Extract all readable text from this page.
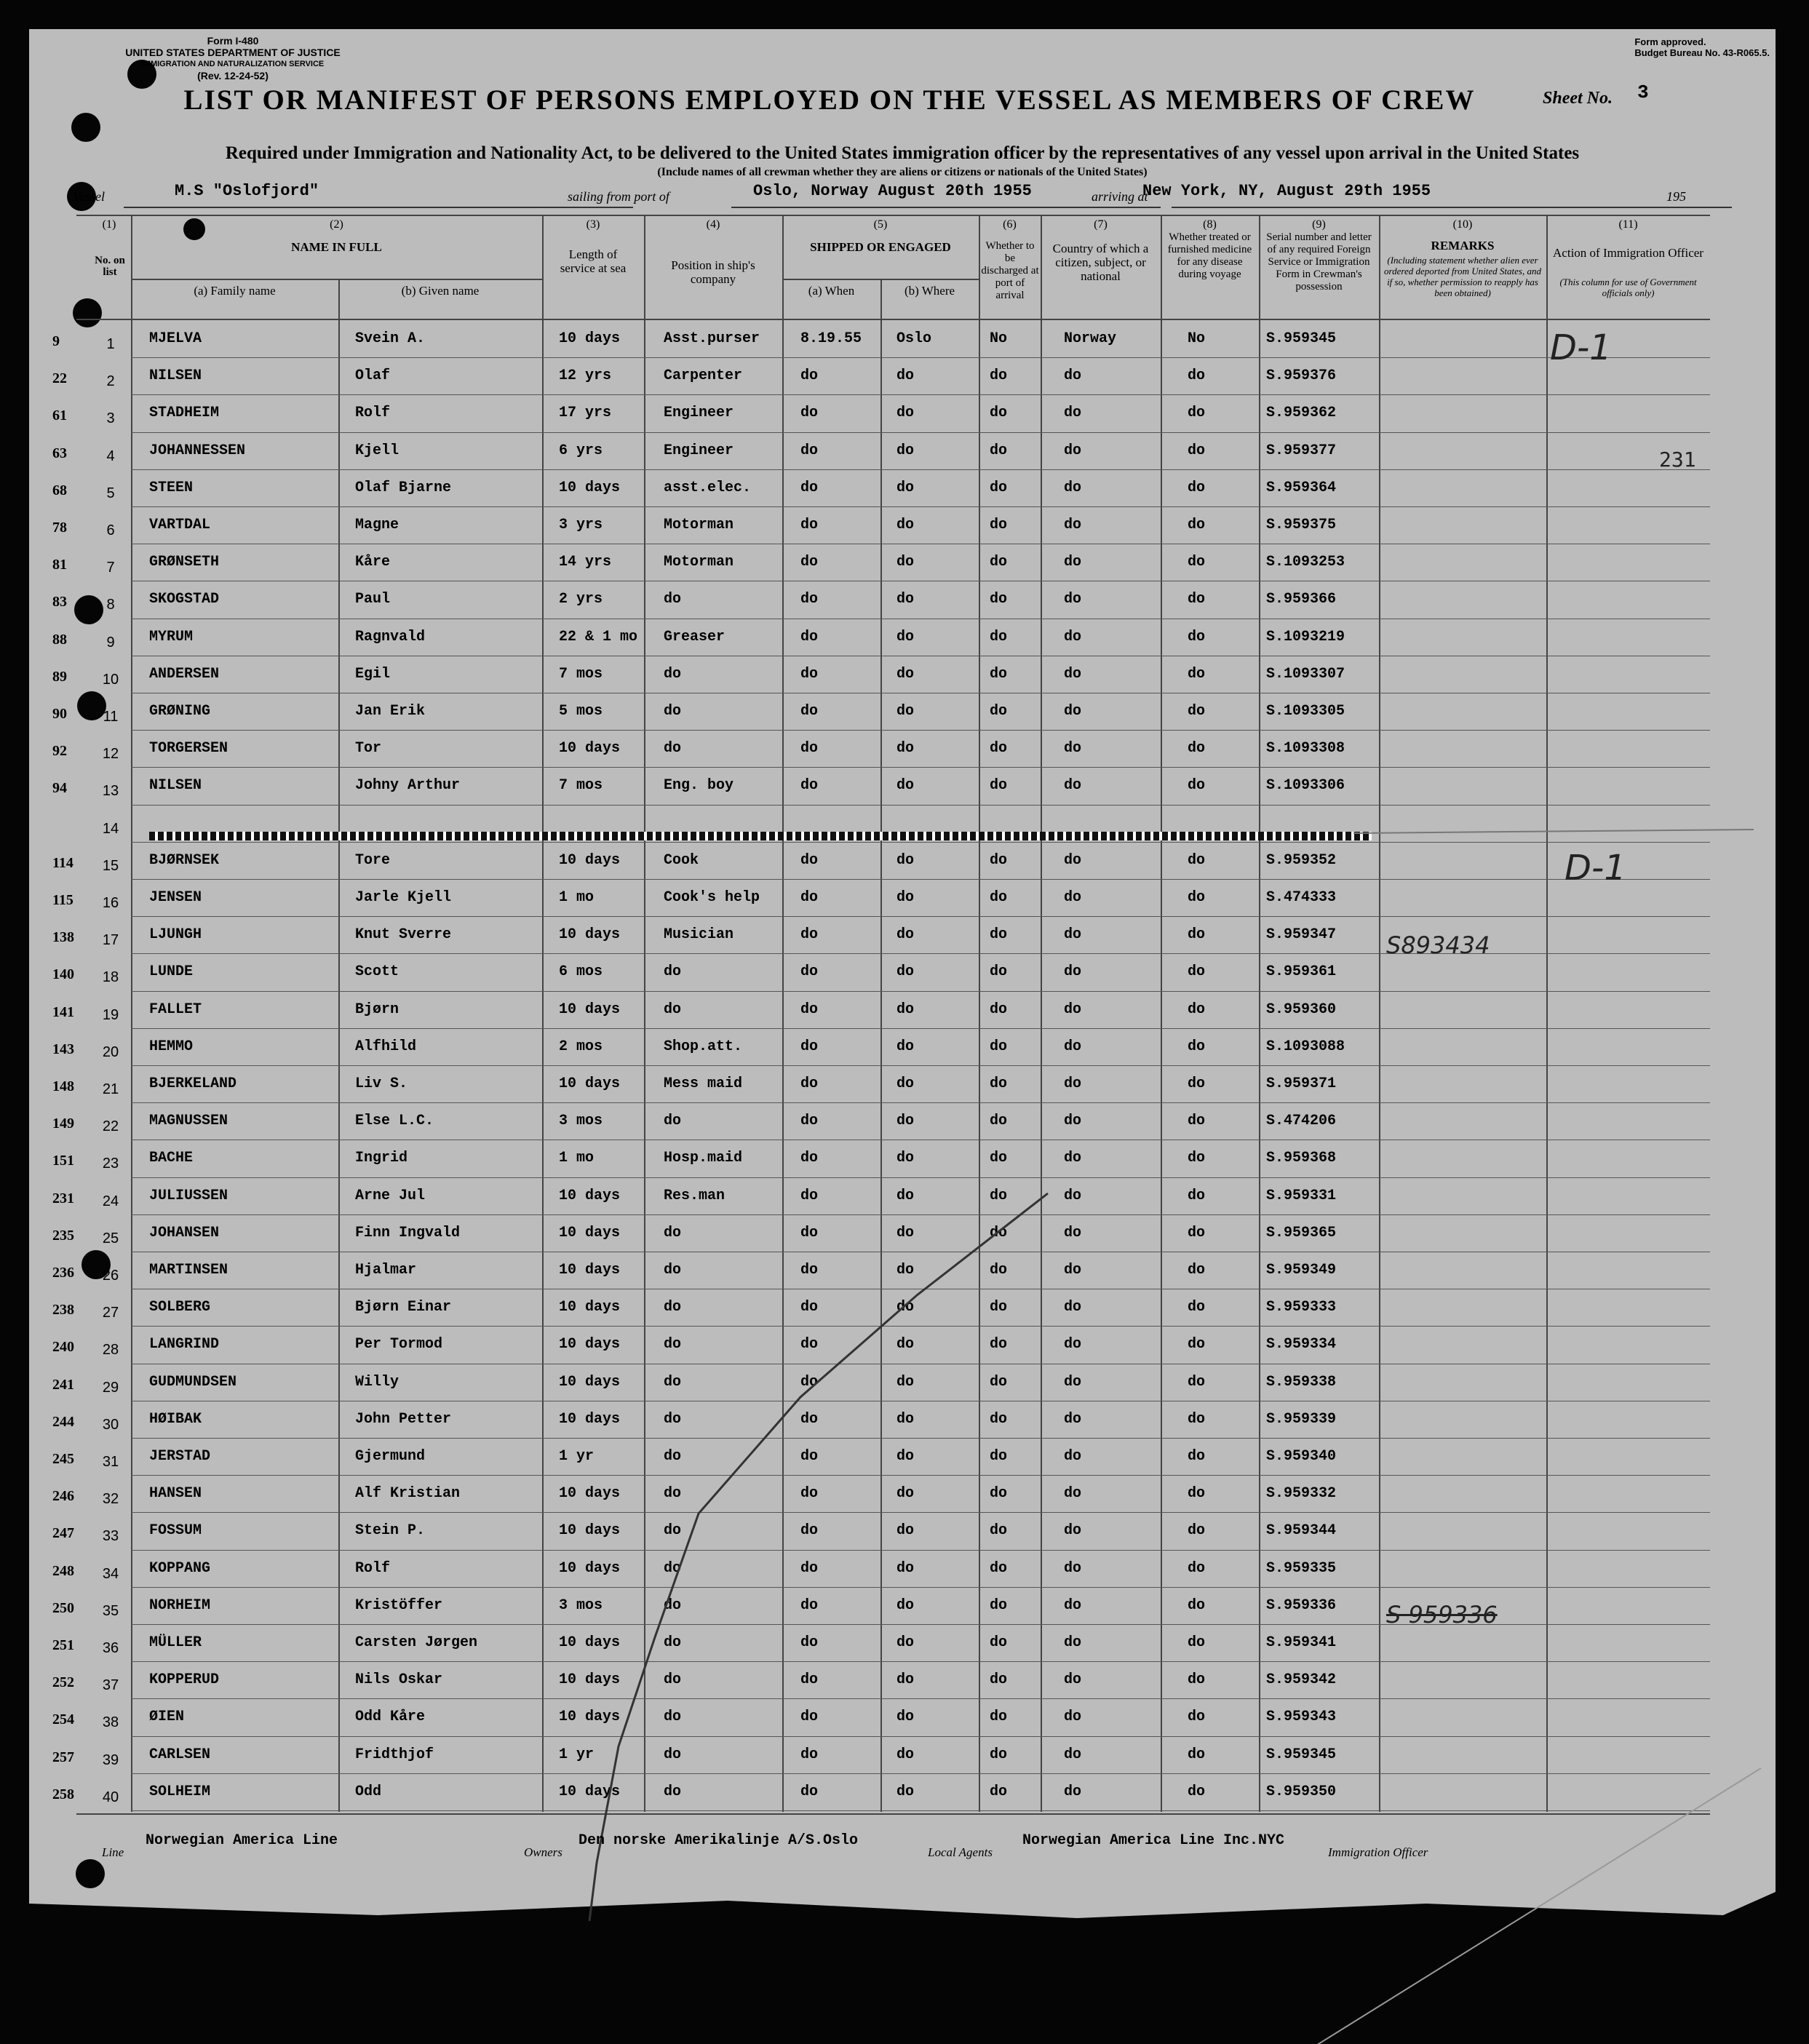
Form I-480
UNITED STATES DEPARTMENT OF JUSTICE
IMMIGRATION AND NATURALIZATION SERVICE
(Rev. 12-24-52)
Form approved.
Budget Bureau No. 43-R065.5.
LIST OR MANIFEST OF PERSONS EMPLOYED ON THE VESSEL AS MEMBERS OF CREW	Sheet No. 3
Required under Immigration and Nationality Act, to be delivered to the United States immigration officer by the representatives of any vessel upon arrival in the United States
(Include names of all crewman whether they are aliens or citizens or nationals of the United States)
Vessel	M.S "Oslofjord"	sailing from port of	Oslo, Norway August 20th 1955	arriving at
New York, NY, August 29th 1955	195
(1)	(2)	(3)	(4)	(5)	(6)	(7)	(8)	(9)	(10)	(11)
No. on list
NAME IN FULL
(a) Family name	(b) Given name
Length of service at sea	Position in ship's company
SHIPPED OR ENGAGED
(a) When	(b) Where
Whether to be discharged at port of arrival
Country of which a citizen, subject, or national
Whether treated or furnished medicine for any disease during voyage
Serial number and letter of any required Foreign Service or Immigration Form in Crewman's possession
REMARKS
(Including statement whether alien ever ordered deported from United States, and if so, whether permission to reapply has been obtained)
Action of Immigration Officer
(This column for use of Government officials only)
9	1	MJELVA	Svein A.	10 days	Asst.purser	8.19.55 Oslo	No	Norway	No	S.959345
22	2	NILSEN	Olaf	12 yrs	Carpenter	do	do	do	do	do	S.959376
61	3	STADHEIM	Rolf	17 yrs	Engineer	do	do	do	do	do	S.959362
63	4	JOHANNESSEN	Kjell	6 yrs	Engineer	do	do	do	do	do	S.959377
68	5	STEEN	Olaf Bjarne	10 days	asst.elec.	do	do	do	do	do	S.959364
78	6	VARTDAL	Magne	3 yrs	Motorman	do	do	do	do	do	S.959375
81	7	GRØNSETH	Kåre	14 yrs	Motorman	do	do	do	do	do	S.1093253
83	8	SKOGSTAD	Paul	2 yrs	do	do	do	do	do	do	S.959366
88	9	MYRUM	Ragnvald	22 & 1 mo Greaser	do	do	do	do	do	S.1093219
89	10	ANDERSEN	Egil	7 mos	do	do	do	do	do	do	S.1093307
90	11	GRØNING	Jan Erik	5 mos	do	do	do	do	do	do	S.1093305
92	12	TORGERSEN	Tor	10 days	do	do	do	do	do	do	S.1093308
94	13	NILSEN	Johny Arthur	7 mos	Eng. boy	do	do	do	do	do	S.1093306
14
114	15	BJØRNSEK	Tore	10 days	Cook	do	do	do	do	do	S.959352
115	16	JENSEN	Jarle Kjell	1 mo	Cook's help	do	do	do	do	do	S.474333
138	17	LJUNGH	Knut Sverre	10 days	Musician	do	do	do	do	do	S.959347
140	18	LUNDE	Scott	6 mos	do	do	do	do	do	do	S.959361
141	19	FALLET	Bjørn	10 days	do	do	do	do	do	do	S.959360
143	20	HEMMO	Alfhild	2 mos	Shop.att.	do	do	do	do	do	S.1093088
148	21	BJERKELAND	Liv S.	10 days	Mess maid	do	do	do	do	do	S.959371
149	22	MAGNUSSEN	Else L.C.	3 mos	do	do	do	do	do	do	S.474206
151	23	BACHE	Ingrid	1 mo	Hosp.maid	do	do	do	do	do	S.959368
231	24	JULIUSSEN	Arne Jul	10 days	Res.man	do	do	do	do	do	S.959331
235	25	JOHANSEN	Finn Ingvald	10 days	do	do	do	do	do	do	S.959365
236	26	MARTINSEN	Hjalmar	10 days	do	do	do	do	do	do	S.959349
238	27	SOLBERG	Bjørn Einar	10 days	do	do	do	do	do	do	S.959333
240	28	LANGRIND	Per Tormod	10 days	do	do	do	do	do	do	S.959334
241	29	GUDMUNDSEN	Willy	10 days	do	do	do	do	do	do	S.959338
244	30	HØIBAK	John Petter	10 days	do	do	do	do	do	do	S.959339
245	31	JERSTAD	Gjermund	1 yr	do	do	do	do	do	do	S.959340
246	32	HANSEN	Alf Kristian	10 days	do	do	do	do	do	do	S.959332
247	33	FOSSUM	Stein P.	10 days	do	do	do	do	do	do	S.959344
248	34	KOPPANG	Rolf	10 days	do	do	do	do	do	do	S.959335
250	35	NORHEIM	Kristöffer	3 mos	do	do	do	do	do	do	S.959336
251	36	MÜLLER	Carsten Jørgen	10 days	do	do	do	do	do	do	S.959341
252	37	KOPPERUD	Nils Oskar	10 days	do	do	do	do	do	do	S.959342
254	38	ØIEN	Odd Kåre	10 days	do	do	do	do	do	do	S.959343
257	39	CARLSEN	Fridthjof	1 yr	do	do	do	do	do	do	S.959345
258	40	SOLHEIM	Odd	10 days	do	do	do	do	do	do	S.959350
D-1
D-1
231
S893434
S 959336
Line
Norwegian America Line
Owners
Den norske Amerikalinje A/S.Oslo
Local Agents
Norwegian America Line Inc.NYC
Immigration Officer
